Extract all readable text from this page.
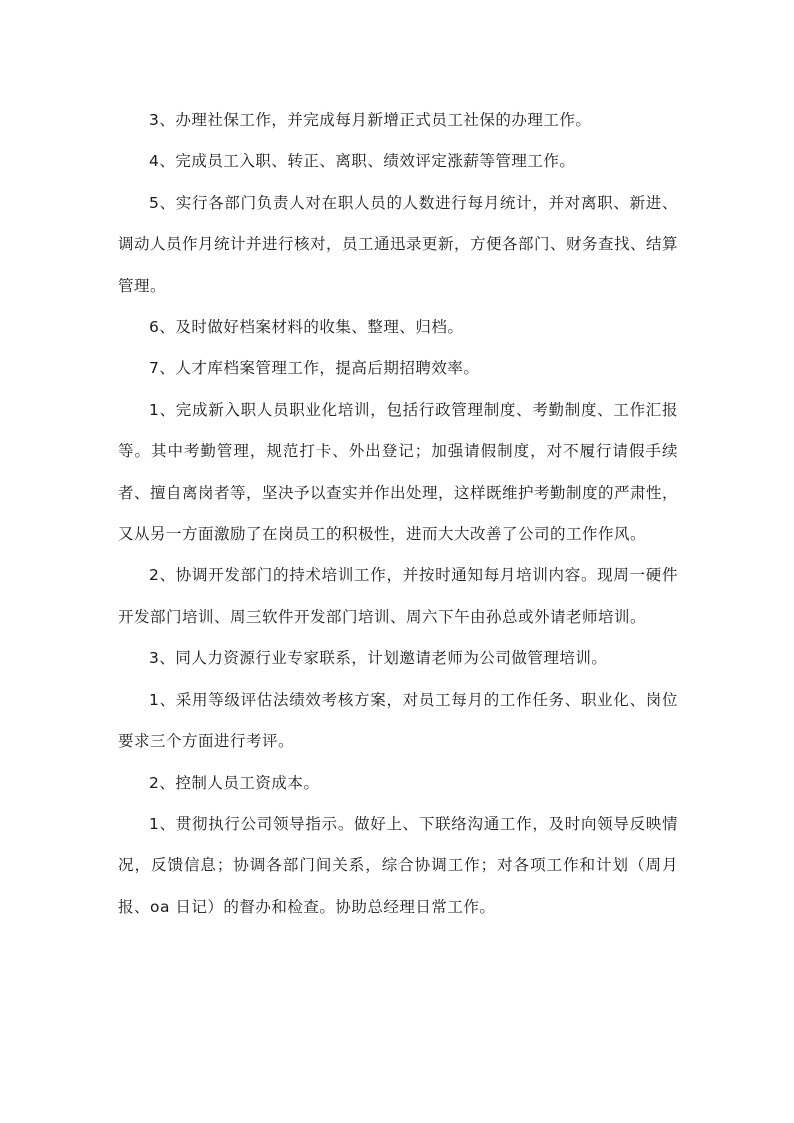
3、办理社保工作，并完成每月新增正式员工社保的办理工作。

4、完成员工入职、转正、离职、绩效评定涨薪等管理工作。

5、实行各部门负责人对在职人员的人数进行每月统计，并对离职、新进、调动人员作月统计并进行核对，员工通迅录更新，方便各部门、财务查找、结算管理。

6、及时做好档案材料的收集、整理、归档。

7、人才库档案管理工作，提高后期招聘效率。

1、完成新入职人员职业化培训，包括行政管理制度、考勤制度、工作汇报等。其中考勤管理，规范打卡、外出登记；加强请假制度，对不履行请假手续者、擅自离岗者等，坚决予以查实并作出处理，这样既维护考勤制度的严肃性，又从另一方面激励了在岗员工的积极性，进而大大改善了公司的工作作风。

2、协调开发部门的持术培训工作，并按时通知每月培训内容。现周一硬件开发部门培训、周三软件开发部门培训、周六下午由孙总或外请老师培训。

3、同人力资源行业专家联系，计划邀请老师为公司做管理培训。

1、采用等级评估法绩效考核方案，对员工每月的工作任务、职业化、岗位要求三个方面进行考评。

2、控制人员工资成本。

1、贯彻执行公司领导指示。做好上、下联络沟通工作，及时向领导反映情况，反馈信息；协调各部门间关系，综合协调工作；对各项工作和计划（周月报、oa 日记）的督办和检查。协助总经理日常工作。
